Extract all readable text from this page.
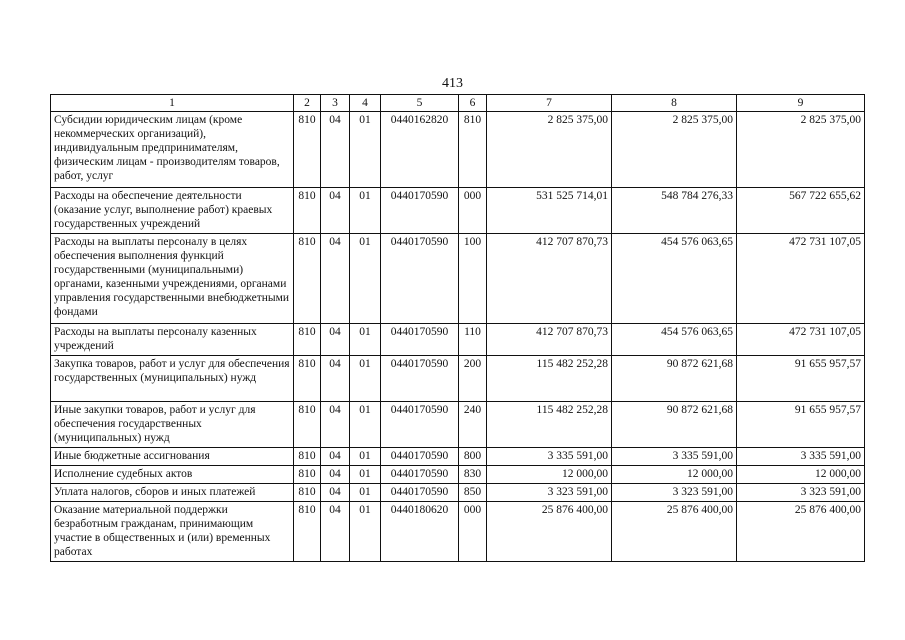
413
1	2	3	4	5	6	7	8	9
Субсидии юридическим лицам (кроме некоммерческих организаций), индивидуальным предпринимателям, физическим лицам - производителям товаров, работ, услуг	810	04	01	0440162820	810	2 825 375,00	2 825 375,00	2 825 375,00
Расходы на обеспечение деятельности (оказание услуг, выполнение работ) краевых государственных учреждений	810	04	01	0440170590	000	531 525 714,01	548 784 276,33	567 722 655,62
Расходы на выплаты персоналу в целях обеспечения выполнения функций государственными (муниципальными) органами, казенными учреждениями, органами управления государственными внебюджетными фондами	810	04	01	0440170590	100	412 707 870,73	454 576 063,65	472 731 107,05
Расходы на выплаты персоналу казенных учреждений	810	04	01	0440170590	110	412 707 870,73	454 576 063,65	472 731 107,05
Закупка товаров, работ и услуг для обеспечения государственных (муниципальных) нужд	810	04	01	0440170590	200	115 482 252,28	90 872 621,68	91 655 957,57
Иные закупки товаров, работ и услуг для обеспечения государственных (муниципальных) нужд	810	04	01	0440170590	240	115 482 252,28	90 872 621,68	91 655 957,57
Иные бюджетные ассигнования	810	04	01	0440170590	800	3 335 591,00	3 335 591,00	3 335 591,00
Исполнение судебных актов	810	04	01	0440170590	830	12 000,00	12 000,00	12 000,00
Уплата налогов, сборов и иных платежей	810	04	01	0440170590	850	3 323 591,00	3 323 591,00	3 323 591,00
Оказание материальной поддержки безработным гражданам, принимающим участие в общественных и (или) временных работах	810	04	01	0440180620	000	25 876 400,00	25 876 400,00	25 876 400,00
